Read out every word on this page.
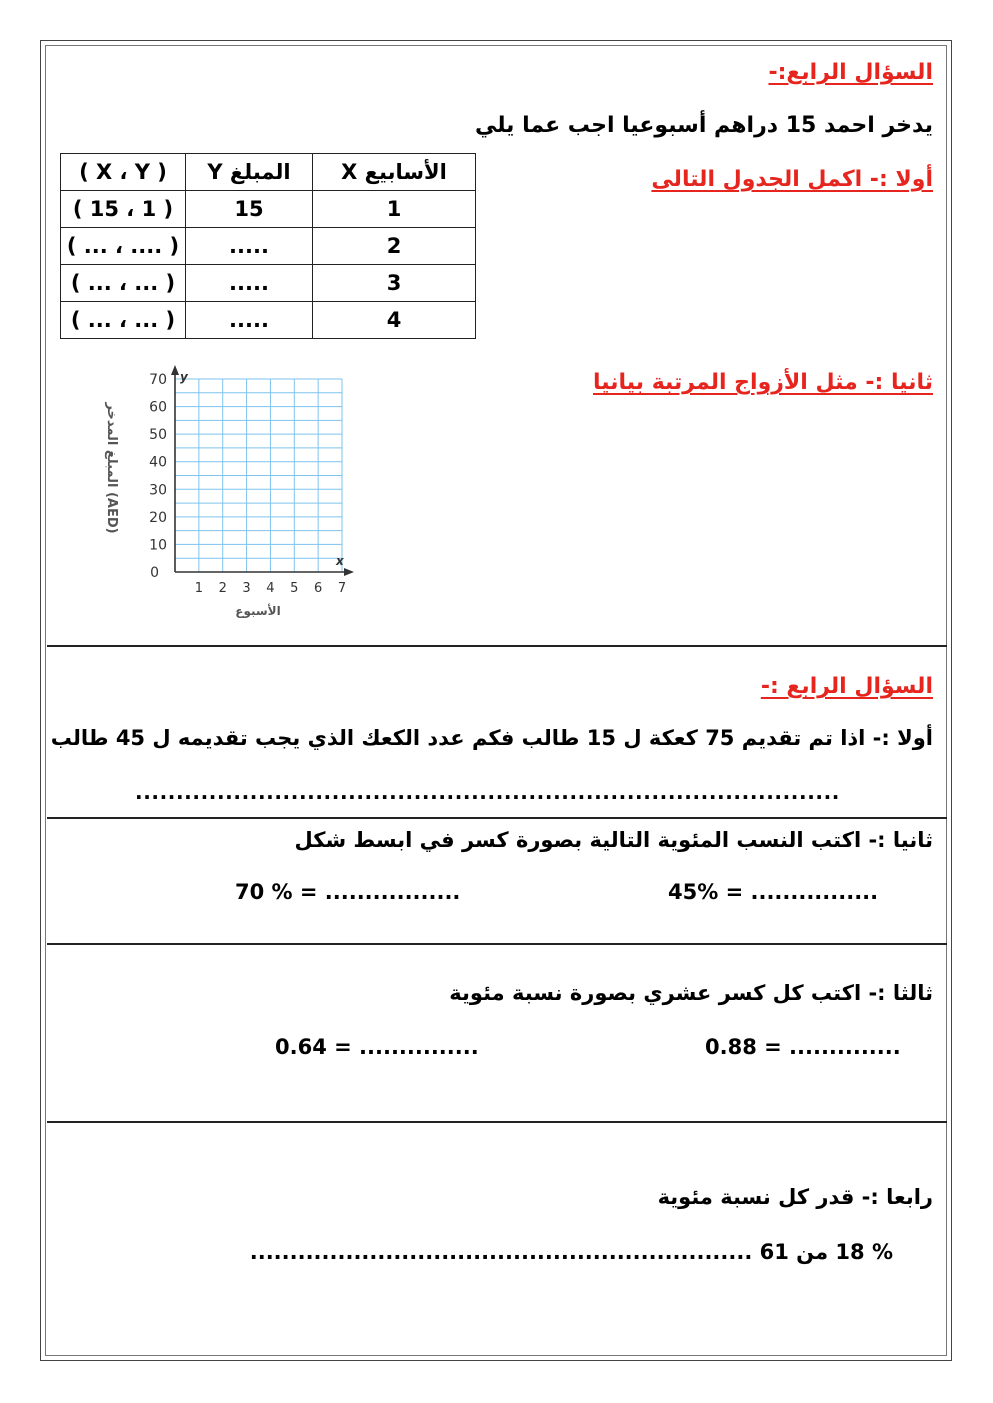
السؤال الرابع:-
يدخر احمد 15 دراهم أسبوعيا اجب عما يلي
أولا :- اكمل الجدول التالى
( X ، Y )	المبلغ Y	الأسابيع X
( 15 ، 1 )	15	1
( ... ، .... )	.....	2
( ... ، ... )	.....	3
( ... ، ... )	.....	4
ثانيا :- مثل الأزواج المرتبة بيانيا
x
y
1 2 3 4 5 6 7
0
10
20
30
40
50
60
70
المبلغ المدخر (AED)
الأسبوع
السؤال الرابع :-
أولا :- اذا تم تقديم 75 كعكة ل 15 طالب فكم عدد الكعك الذي يجب تقديمه ل 45 طالب
......................................................................................
ثانيا :- اكتب النسب المئوية التالية بصورة كسر في ابسط شكل
45% = ................
70 % = .................
ثالثا :- اكتب كل كسر عشري بصورة نسبة مئوية
0.88 = ..............
0.64 = ...............
رابعا :- قدر كل نسبة مئوية
% 18 من 61 ...............................................................
